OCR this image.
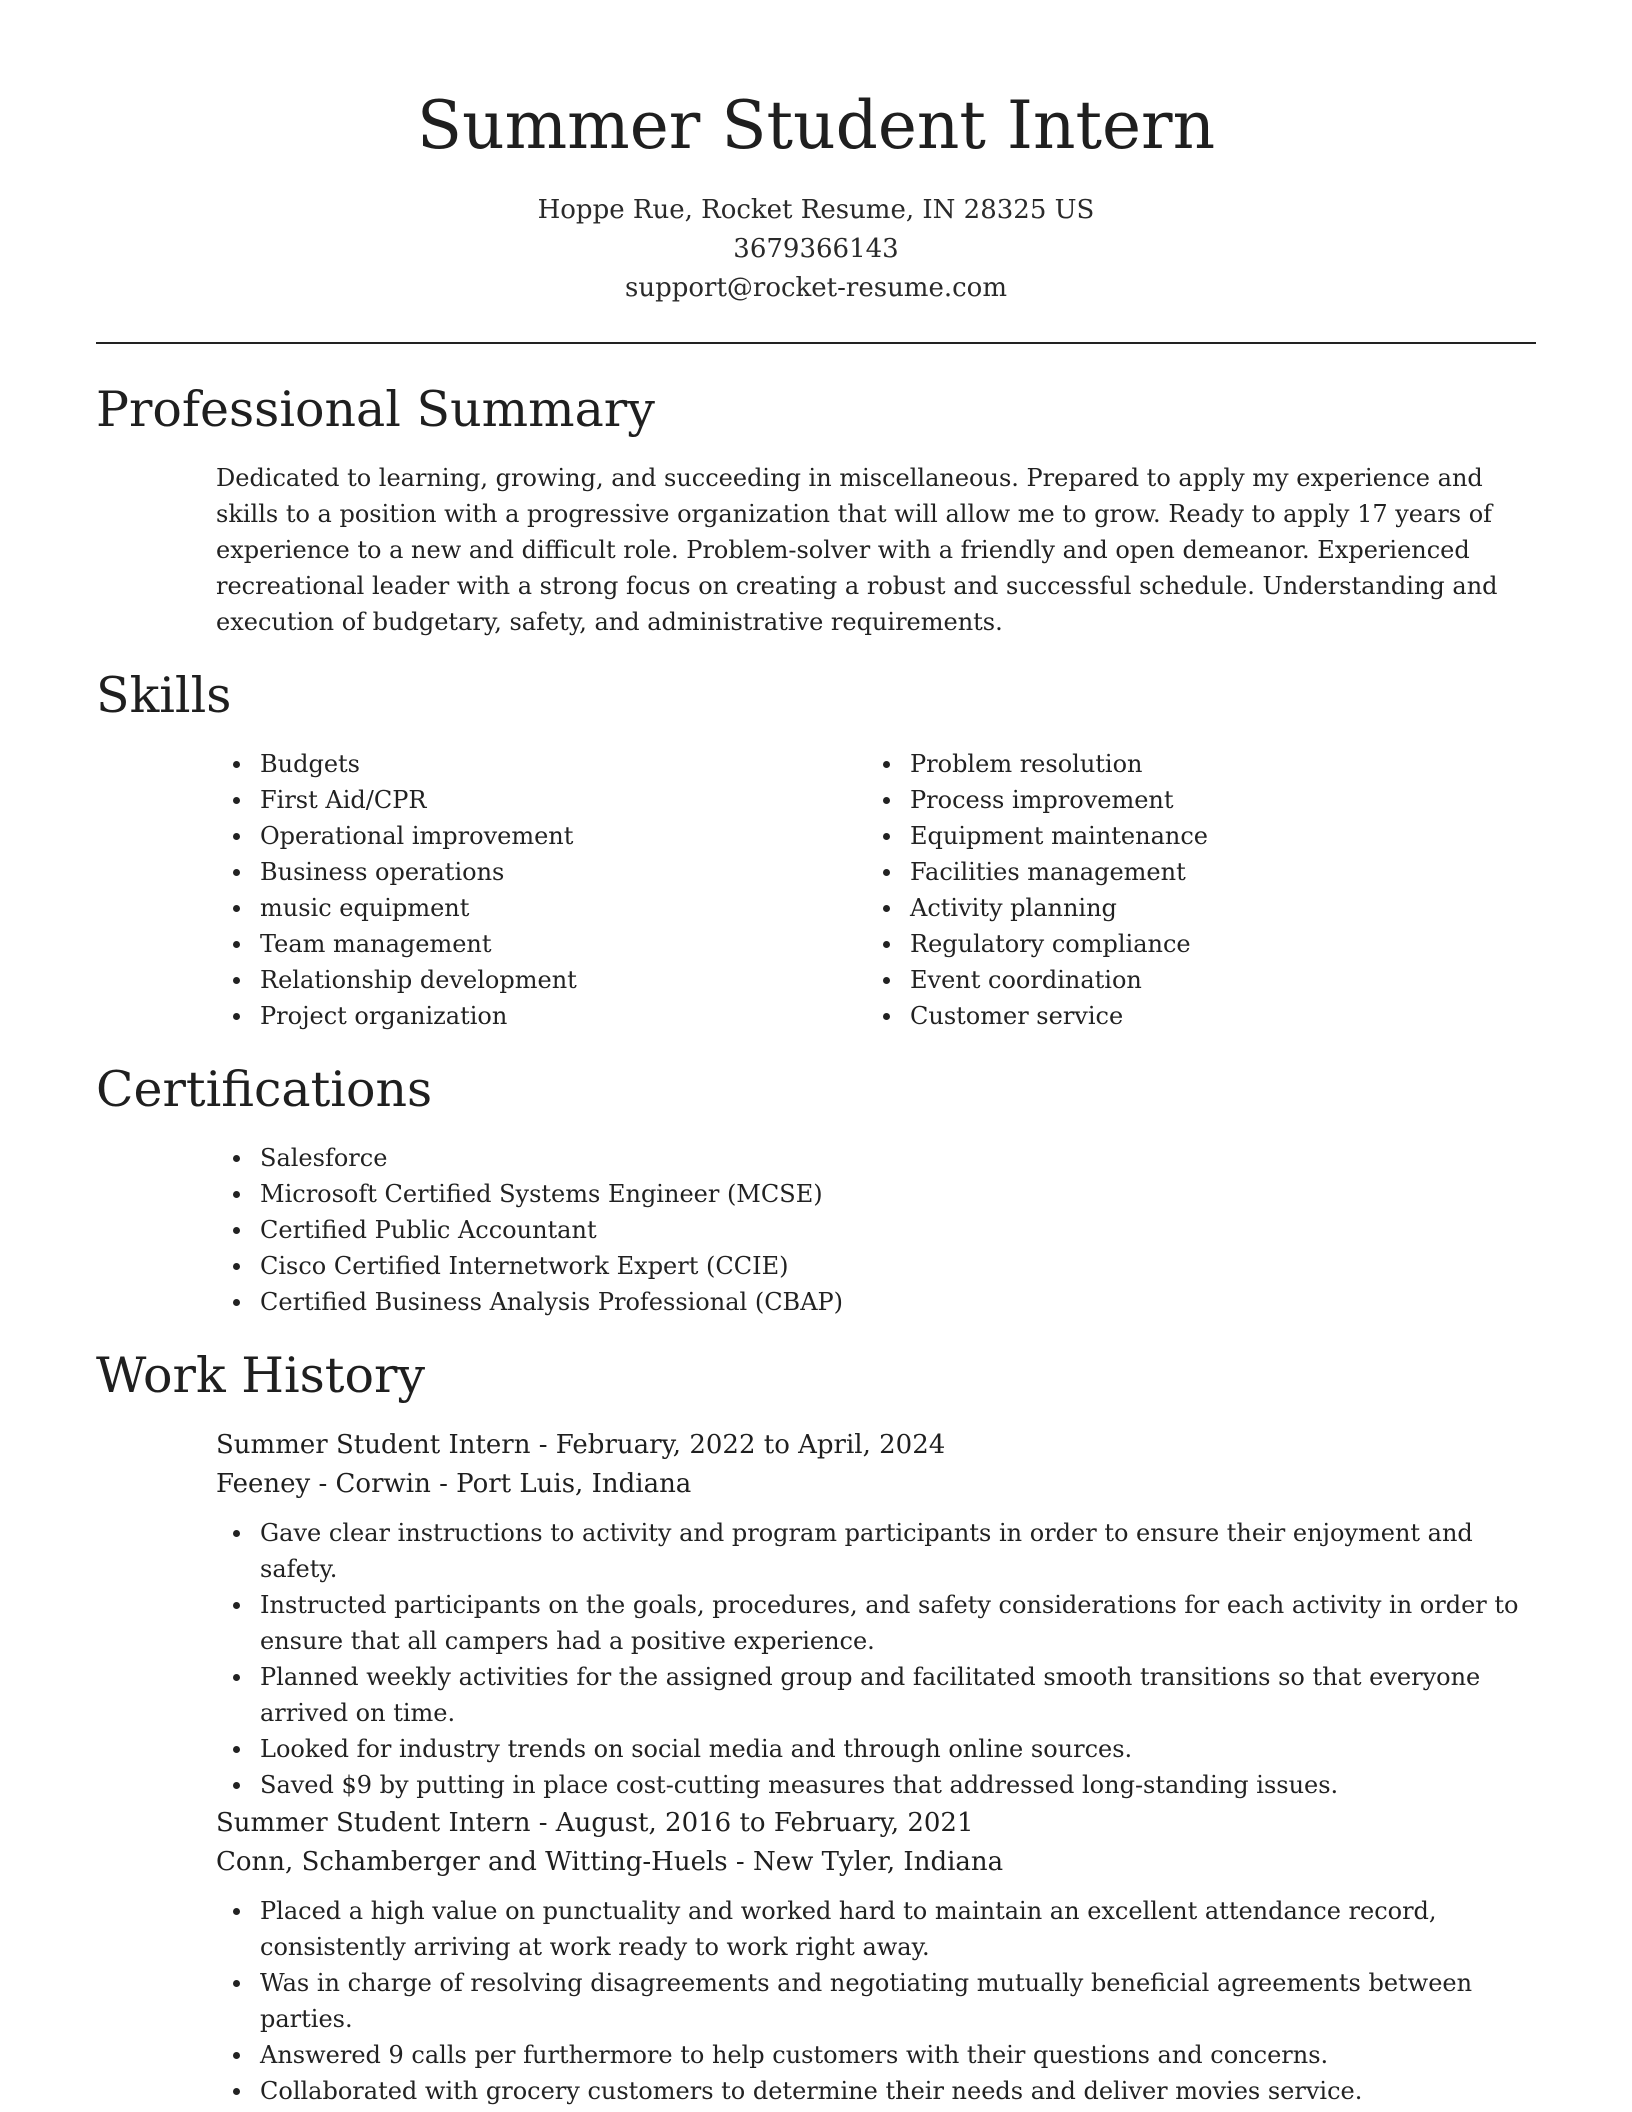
Summer Student Intern
Hoppe Rue, Rocket Resume, IN 28325 US
3679366143
support@rocket-resume.com
Professional Summary

Dedicated to learning, growing, and succeeding in miscellaneous. Prepared to apply my experience and skills to a position with a progressive organization that will allow me to grow. Ready to apply 17 years of experience to a new and difficult role. Problem-solver with a friendly and open demeanor. Experienced recreational leader with a strong focus on creating a robust and successful schedule. Understanding and execution of budgetary, safety, and administrative requirements.

Skills
Budgets
First Aid/CPR
Operational improvement
Business operations
music equipment
Team management
Relationship development
Project organization
Problem resolution
Process improvement
Equipment maintenance
Facilities management
Activity planning
Regulatory compliance
Event coordination
Customer service
Certifications
Salesforce
Microsoft Certified Systems Engineer (MCSE)
Certified Public Accountant
Cisco Certified Internetwork Expert (CCIE)
Certified Business Analysis Professional (CBAP)
Work History
Summer Student Intern - February, 2022 to April, 2024
Feeney - Corwin - Port Luis, Indiana
Gave clear instructions to activity and program participants in order to ensure their enjoyment and safety.
Instructed participants on the goals, procedures, and safety considerations for each activity in order to ensure that all campers had a positive experience.
Planned weekly activities for the assigned group and facilitated smooth transitions so that everyone arrived on time.
Looked for industry trends on social media and through online sources.
Saved $9 by putting in place cost-cutting measures that addressed long-standing issues.
Summer Student Intern - August, 2016 to February, 2021
Conn, Schamberger and Witting-Huels - New Tyler, Indiana
Placed a high value on punctuality and worked hard to maintain an excellent attendance record, consistently arriving at work ready to work right away.
Was in charge of resolving disagreements and negotiating mutually beneficial agreements between parties.
Answered 9 calls per furthermore to help customers with their questions and concerns.
Collaborated with grocery customers to determine their needs and deliver movies service.
